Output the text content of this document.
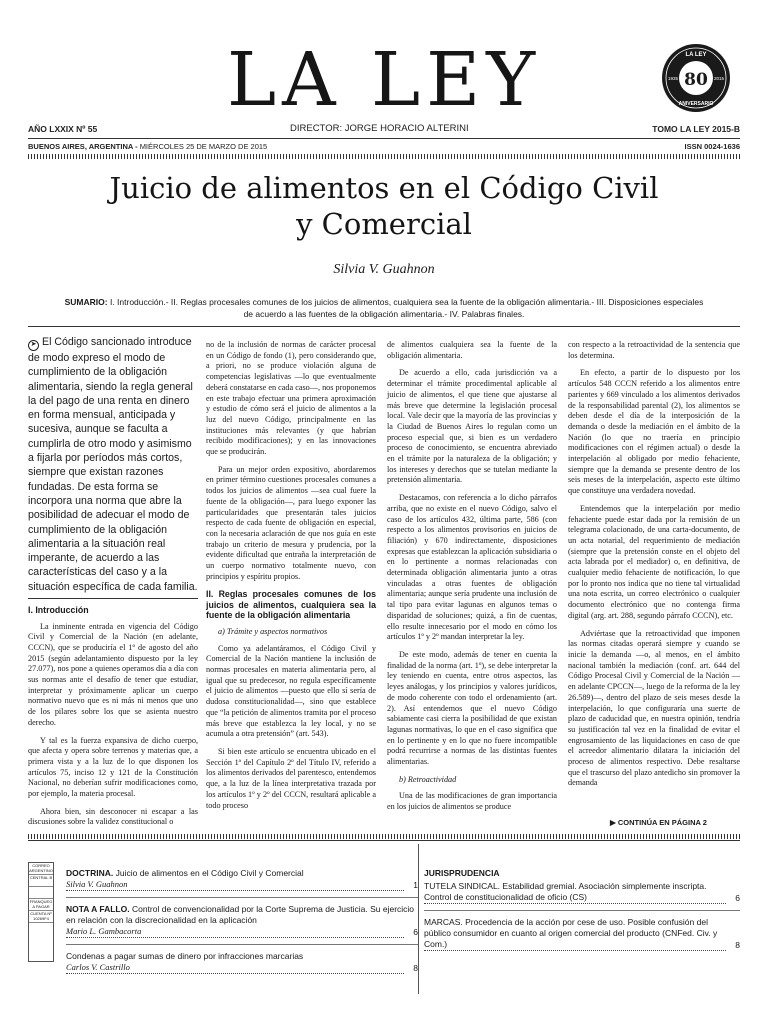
LA LEY	LA LEY
80
1935	2015
ANIVERSARIO
AÑO LXXIX Nº 55	DIRECTOR: JORGE HORACIO ALTERINI	TOMO LA LEY 2015-B
BUENOS AIRES, ARGENTINA - MIÉRCOLES 25 DE MARZO DE 2015	ISSN 0024-1636
Juicio de alimentos en el Código Civil y Comercial
Silvia V. Guahnon
SUMARIO: I. Introducción.- II. Reglas procesales comunes de los juicios de alimentos, cualquiera sea la fuente de la obligación alimentaria.- III. Disposiciones especiales de acuerdo a las fuentes de la obligación alimentaria.- IV. Palabras finales.
➤ El Código sancionado introduce de modo expreso el modo de cumplimiento de la obligación alimentaria, siendo la regla general la del pago de una renta en dinero en forma mensual, anticipada y sucesiva, aunque se faculta a cumplirla de otro modo y asimismo a fijarla por períodos más cortos, siempre que existan razones fundadas. De esta forma se incorpora una norma que abre la posibilidad de adecuar el modo de cumplimiento de la obligación alimentaria a la situación real imperante, de acuerdo a las características del caso y a la situación específica de cada familia.

I. Introducción

La inminente entrada en vigencia del Código Civil y Comercial de la Nación (en adelante, CCCN), que se produciría el 1º de agosto del año 2015 (según adelantamiento dispuesto por la ley 27.077), nos pone a quienes operamos día a día con sus normas ante el desafío de tener que estudiar, interpretar y próximamente aplicar un cuerpo normativo nuevo que es ni más ni menos que uno de los pilares sobre los que se asienta nuestro derecho.

Y tal es la fuerza expansiva de dicho cuerpo, que afecta y opera sobre terrenos y materias que, a primera vista y a la luz de lo que disponen los artículos 75, inciso 12 y 121 de la Constitución Nacional, no deberían sufrir modificaciones como, por ejemplo, la materia procesal.

Ahora bien, sin desconocer ni escapar a las discusiones sobre la validez constitucional o

no de la inclusión de normas de carácter procesal en un Código de fondo (1), pero considerando que, a priori, no se produce violación alguna de competencias legislativas —lo que eventualmente deberá constatarse en cada caso—, nos proponemos en este trabajo efectuar una primera aproximación y estudio de cómo será el juicio de alimentos a la luz del nuevo Código, principalmente en las instituciones más relevantes (y que habrían recibido modificaciones); y en las innovaciones que se producirán.

Para un mejor orden expositivo, abordaremos en primer término cuestiones procesales comunes a todos los juicios de alimentos —sea cual fuere la fuente de la obligación—, para luego exponer las particularidades que presentarán tales juicios respecto de cada fuente de obligación en especial, con la necesaria aclaración de que nos guía en este trabajo un criterio de mesura y prudencia, por la evidente dificultad que entraña la interpretación de un cuerpo normativo totalmente nuevo, con principios y espíritu propios.

II. Reglas procesales comunes de los juicios de alimentos, cualquiera sea la fuente de la obligación alimentaria

a) Trámite y aspectos normativos

Como ya adelantáramos, el Código Civil y Comercial de la Nación mantiene la inclusión de normas procesales en materia alimentaria pero, al igual que su predecesor, no regula específicamente el juicio de alimentos —puesto que ello sí sería de dudosa constitucionalidad—, sino que establece que “la petición de alimentos tramita por el proceso más breve que establezca la ley local, y no se acumula a otra pretensión” (art. 543).

Si bien este artículo se encuentra ubicado en el Sección 1ª del Capítulo 2º del Título IV, referido a los alimentos derivados del parentesco, entendemos que, a la luz de la línea interpretativa trazada por los artículos 1º y 2º del CCCN, resultará aplicable a todo proceso

de alimentos cualquiera sea la fuente de la obligación alimentaria.

De acuerdo a ello, cada jurisdicción va a determinar el trámite procedimental aplicable al juicio de alimentos, el que tiene que ajustarse al más breve que determine la legislación procesal local. Vale decir que la mayoría de las provincias y la Ciudad de Buenos Aires lo regulan como un proceso especial que, si bien es un verdadero proceso de conocimiento, se encuentra abreviado en el trámite por la naturaleza de la obligación; y los intereses y derechos que se tutelan mediante la pretensión alimentaria.

Destacamos, con referencia a lo dicho párrafos arriba, que no existe en el nuevo Código, salvo el caso de los artículos 432, última parte, 586 (con respecto a los alimentos provisorios en juicios de filiación) y 670 indirectamente, disposiciones expresas que establezcan la aplicación subsidiaria o en lo pertinente a normas relacionadas con determinada obligación alimentaria junto a otras vinculadas a otras fuentes de obligación alimentaria; aunque sería prudente una inclusión de tal tipo para evitar lagunas en algunos temas o disparidad de soluciones; quizá, a fin de cuentas, ello resulte innecesario por el modo en cómo los artículos 1º y 2º mandan interpretar la ley.

De este modo, además de tener en cuenta la finalidad de la norma (art. 1º), se debe interpretar la ley teniendo en cuenta, entre otros aspectos, las leyes análogas, y los principios y valores jurídicos, de modo coherente con todo el ordenamiento (art. 2). Así entendemos que el nuevo Código sabiamente casi cierra la posibilidad de que existan lagunas normativas, lo que en el caso significa que en lo pertinente y en lo que no fuere incompatible podrá recurrirse a normas de las distintas fuentes alimentarias.

b) Retroactividad

Una de las modificaciones de gran importancia en los juicios de alimentos se produce

con respecto a la retroactividad de la sentencia que los determina.

En efecto, a partir de lo dispuesto por los artículos 548 CCCN referido a los alimentos entre parientes y 669 vinculado a los alimentos derivados de la responsabilidad parental (2), los alimentos se deben desde el día de la interposición de la demanda o desde la mediación en el ámbito de la Nación (lo que no traería en principio modificaciones con el régimen actual) o desde la interpelación al obligado por medio fehaciente, siempre que la demanda se presente dentro de los seis meses de la interpelación, aspecto este último que constituye una verdadera novedad.

Entendemos que la interpelación por medio fehaciente puede estar dada por la remisión de un telegrama colacionado, de una carta-documento, de un acta notarial, del requerimiento de mediación (siempre que la pretensión conste en el objeto del acta labrada por el mediador) o, en definitiva, de cualquier medio fehaciente de notificación, lo que por lo pronto nos indica que no tiene tal virtualidad una nota escrita, un correo electrónico o cualquier documento electrónico que no contenga firma digital (arg. art. 288, segundo párrafo CCCN), etc.

Adviértase que la retroactividad que imponen las normas citadas operará siempre y cuando se inicie la demanda —o, al menos, en el ámbito nacional también la mediación (conf. art. 644 del Código Procesal Civil y Comercial de la Nación —en adelante CPCCN—, luego de la reforma de la ley 26.589)—, dentro del plazo de seis meses desde la interpelación, lo que configuraría una suerte de plazo de caducidad que, en nuestra opinión, tendría su justificación tal vez en la finalidad de evitar el engrosamiento de las liquidaciones en caso de que el acreedor alimentario dilatara la iniciación del proceso de alimentos respectivo. Debe resaltarse que el trascurso del plazo antedicho sin promover la demanda

▶ CONTINÚA EN PÁGINA 2
CORREO ARGENTINO
CENTRAL B
FRANQUEO A PAGAR
CUENTA Nº 10269F4
DOCTRINA. Juicio de alimentos en el Código Civil y Comercial
Silvia V. Guahnon	1
NOTA A FALLO. Control de convencionalidad por la Corte Suprema de Justicia. Su ejercicio en relación con la discrecionalidad en la aplicación
Mario L. Gambacorta	6
Condenas a pagar sumas de dinero por infracciones marcarias
Carlos V. Castrillo	8
JURISPRUDENCIA
TUTELA SINDICAL. Estabilidad gremial. Asociación simplemente inscripta. Control de constitucionalidad de oficio (CS)	6
MARCAS. Procedencia de la acción por cese de uso. Posible confusión del público consumidor en cuanto al origen comercial del producto (CNFed. Civ. y Com.)	8
